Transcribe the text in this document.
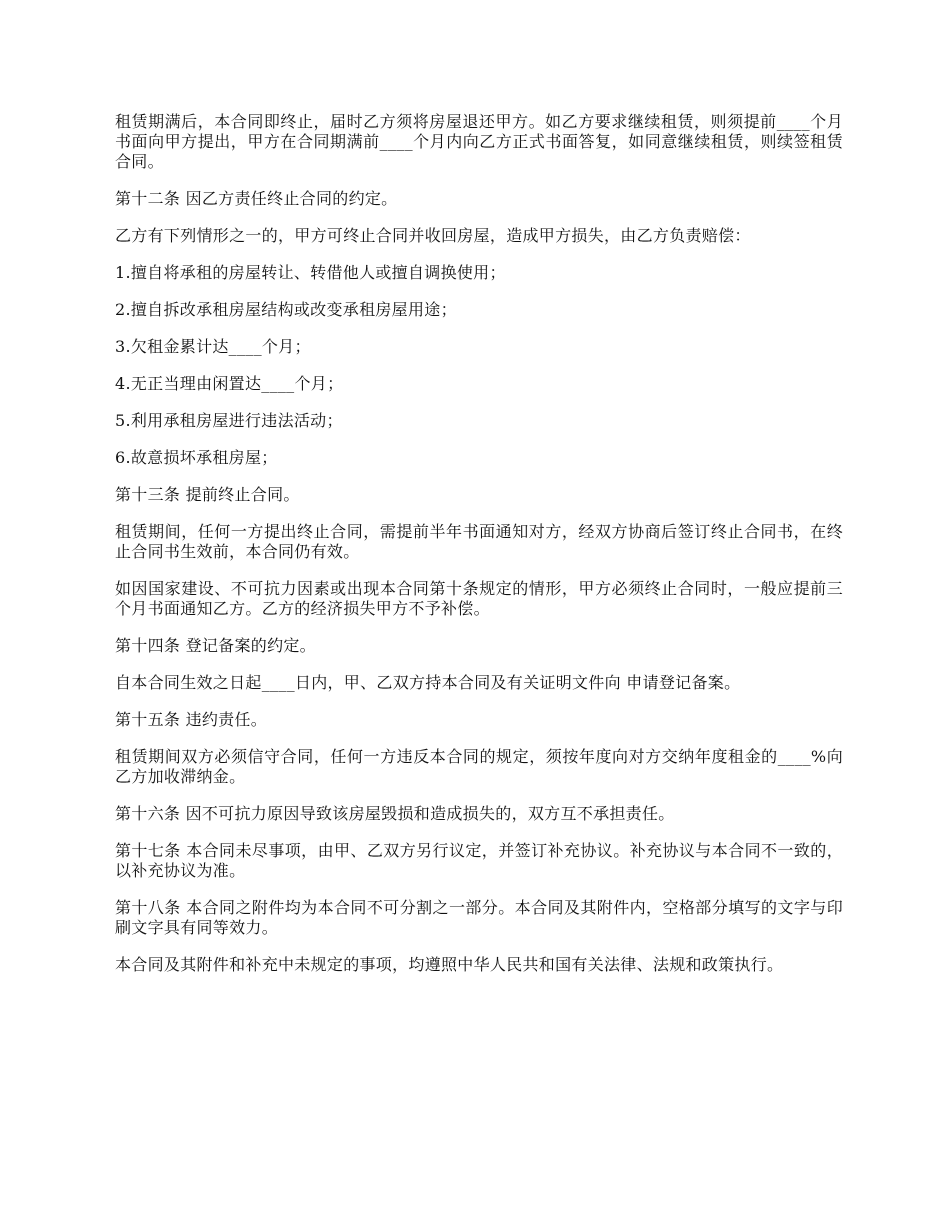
租赁期满后，本合同即终止，届时乙方须将房屋退还甲方。如乙方要求继续租赁，则须提前____个月书面向甲方提出，甲方在合同期满前____个月内向乙方正式书面答复，如同意继续租赁，则续签租赁合同。

第十二条 因乙方责任终止合同的约定。

乙方有下列情形之一的，甲方可终止合同并收回房屋，造成甲方损失，由乙方负责赔偿：

1.擅自将承租的房屋转让、转借他人或擅自调换使用；

2.擅自拆改承租房屋结构或改变承租房屋用途；

3.欠租金累计达____个月；

4.无正当理由闲置达____个月；

5.利用承租房屋进行违法活动；

6.故意损坏承租房屋；

第十三条 提前终止合同。

租赁期间，任何一方提出终止合同，需提前半年书面通知对方，经双方协商后签订终止合同书，在终止合同书生效前，本合同仍有效。

如因国家建设、不可抗力因素或出现本合同第十条规定的情形，甲方必须终止合同时，一般应提前三个月书面通知乙方。乙方的经济损失甲方不予补偿。

第十四条 登记备案的约定。

自本合同生效之日起____日内，甲、乙双方持本合同及有关证明文件向 申请登记备案。

第十五条 违约责任。

租赁期间双方必须信守合同，任何一方违反本合同的规定，须按年度向对方交纳年度租金的____%向乙方加收滞纳金。

第十六条 因不可抗力原因导致该房屋毁损和造成损失的，双方互不承担责任。

第十七条 本合同未尽事项，由甲、乙双方另行议定，并签订补充协议。补充协议与本合同不一致的，以补充协议为准。

第十八条 本合同之附件均为本合同不可分割之一部分。本合同及其附件内，空格部分填写的文字与印刷文字具有同等效力。

本合同及其附件和补充中未规定的事项，均遵照中华人民共和国有关法律、法规和政策执行。
